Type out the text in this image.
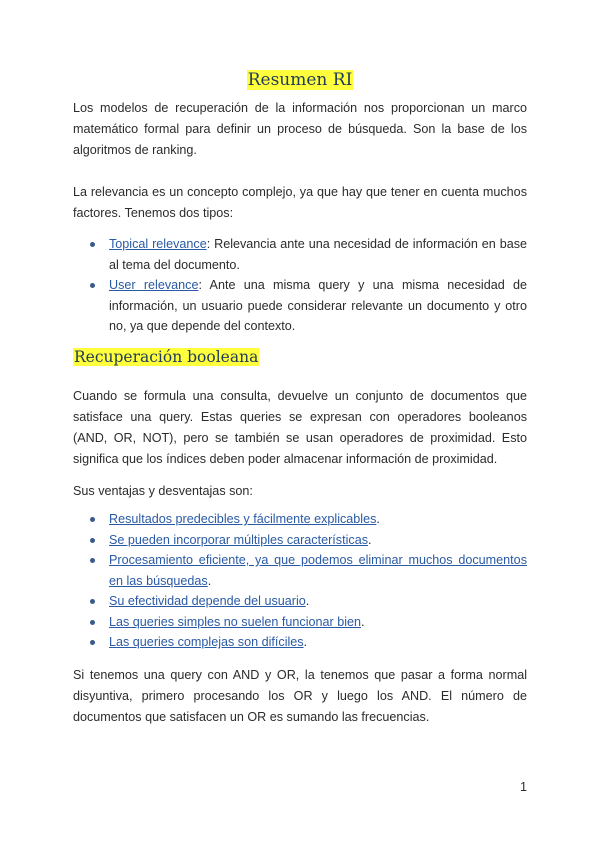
Resumen RI

Los modelos de recuperación de la información nos proporcionan un marco matemático formal para definir un proceso de búsqueda. Son la base de los algoritmos de ranking.

La relevancia es un concepto complejo, ya que hay que tener en cuenta muchos factores. Tenemos dos tipos:

Topical relevance: Relevancia ante una necesidad de información en base al tema del documento.
User relevance: Ante una misma query y una misma necesidad de información, un usuario puede considerar relevante un documento y otro no, ya que depende del contexto.
Recuperación booleana

Cuando se formula una consulta, devuelve un conjunto de documentos que satisface una query. Estas queries se expresan con operadores booleanos (AND, OR, NOT), pero se también se usan operadores de proximidad. Esto significa que los índices deben poder almacenar información de proximidad.

Sus ventajas y desventajas son:

Resultados predecibles y fácilmente explicables.
Se pueden incorporar múltiples características.
Procesamiento eficiente, ya que podemos eliminar muchos documentos en las búsquedas.
Su efectividad depende del usuario.
Las queries simples no suelen funcionar bien.
Las queries complejas son difíciles.

Si tenemos una query con AND y OR, la tenemos que pasar a forma normal disyuntiva, primero procesando los OR y luego los AND. El número de documentos que satisfacen un OR es sumando las frecuencias.

1
